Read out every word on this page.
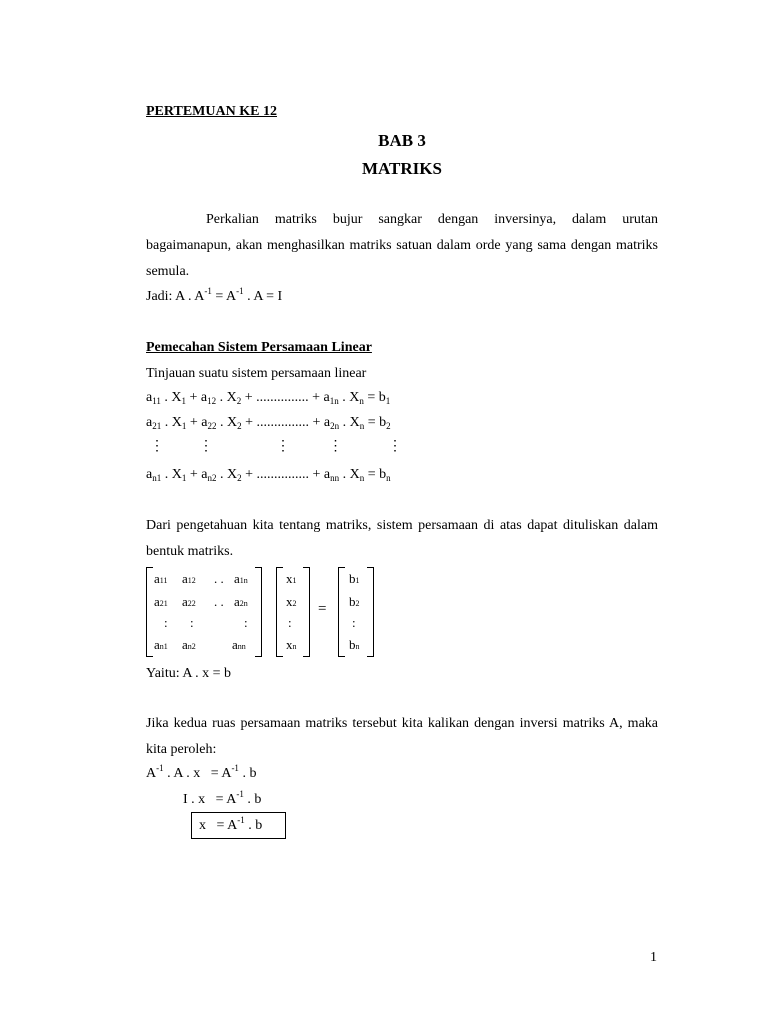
PERTEMUAN KE 12
BAB 3
MATRIKS
Perkalian matriks bujur sangkar dengan inversinya, dalam urutan bagaimanapun, akan menghasilkan matriks satuan dalam orde yang sama dengan matriks semula.
Jadi: A . $A^{-1} = A^{-1}$ . A = I
Pemecahan Sistem Persamaan Linear
Tinjauan suatu sistem persamaan linear
$a_{11}$ . $X_1 + a_{12}$ . $X_2$ + ............... + $a_{1n}$ . $X_n = b_1$
$a_{21}$ . $X_1 + a_{22}$ . $X_2$ + ............... + $a_{2n}$ . $X_n = b_2$
⋮          ⋮                  ⋮           ⋮             ⋮
$a_{n1}$ . $X_1 + a_{n2}$ . $X_2$ + ............... + $a_{nn}$ . $X_n = b_n$
Dari pengetahuan kita tentang matriks, sistem persamaan di atas dapat dituliskan dalam bentuk matriks.
a11 a12 . . a1n
a21 a22 . . a2n
: :	:
an1 an2	ann
x1
x2
:
xn
=
b1
b2
:
bn
Yaitu: A . x = b
Jika kedua ruas persamaan matriks tersebut kita kalikan dengan inversi matriks A, maka kita peroleh:
$A^{-1}$ . A . $x = A^{-1}$ . b
I . $x = A^{-1}$ . b
$x = A^{-1}$ . b
1
